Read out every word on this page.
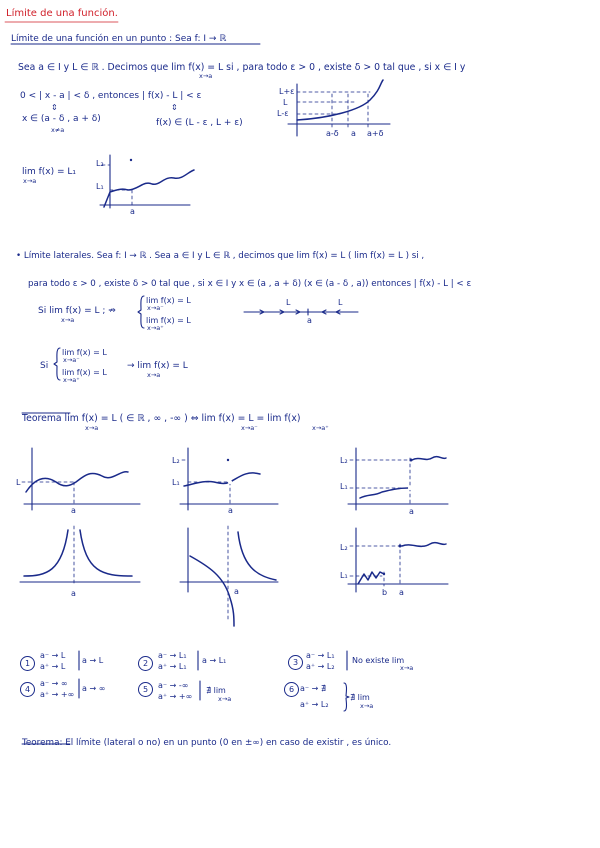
Límite de una función.
Límite de una función en un punto : Sea f: I → ℝ
Sea a ∈ I y L ∈ ℝ . Decimos que lim f(x) = L si , para todo ε > 0 , existe δ > 0 tal que , si x ∈ I y
x→a
0 < | x - a | < δ , entonces | f(x) - L | < ε
⇕	⇕
x ∈ (a - δ , a + δ)
x≠a
f(x) ∈ (L - ε , L + ε)
L+ε
L
L-ε
a-δ a a+δ
lim f(x) = L₁
x→a
L₂
L₁
a
• Límite laterales. Sea f: I → ℝ . Sea a ∈ I y L ∈ ℝ , decimos que lim f(x) = L ( lim f(x) = L ) si ,
para todo ε > 0 , existe δ > 0 tal que , si x ∈ I y x ∈ (a , a + δ) (x ∈ (a - δ , a)) entonces | f(x) - L | < ε
Si lim f(x) = L ; ⇏
x→a
lim f(x) = L
x→a⁻
lim f(x) = L
x→a⁺
L	L
a
Si
lim f(x) = L
x→a⁻
lim f(x) = L
x→a⁺
→ lim f(x) = L
x→a
Teorema lim f(x) = L ( ∈ ℝ , ∞ , -∞ ) ⇔ lim f(x) = L = lim f(x)
x→a	x→a⁻	x→a⁺
L
a
L₂
L₁
a
L₂
L₁
a
a	a
L₂
L₁
b a
1
a⁻ → L
a⁺ → L
a → L	2
a⁻ → L₁
a⁺ → L₁
a → L₁	3
a⁻ → L₁
a⁺ → L₂
No existe lim
x→a
4
a⁻ → ∞
a⁺ → +∞
a → ∞	5	a⁻ → -∞
a⁺ → +∞
∄ lim
x→a
6 a⁻ → ∄
a⁺ → L₂
∄ lim
x→a
Teorema: El límite (lateral o no) en un punto (0 en ±∞) en caso de existir , es único.
